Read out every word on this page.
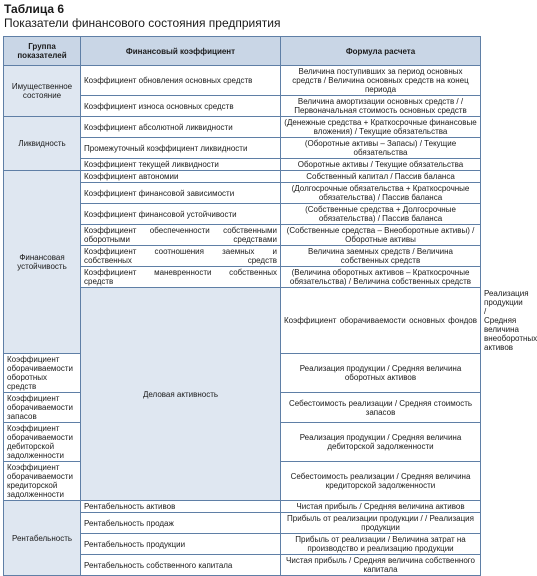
Таблица 6
Показатели финансового состояния предприятия
Группа показателей	Финансовый коэффициент	Формула расчета	
Имущественное состояние	Коэффициент обновления основных средств	Величина поступивших за период основных средств / Величина основных средств на конец периода	
	Коэффициент износа основных средств	Величина амортизации основных средств / / Первоначальная стоимость основных средств	
Ликвидность	Коэффициент абсолютной ликвидности	(Денежные средства + Краткосрочные финансовые вложения) / Текущие обязательства	
	Промежуточный коэффициент ликвидности	(Оборотные активы – Запасы) / Текущие обязательства	
	Коэффициент текущей ликвидности	Оборотные активы / Текущие обязательства	
Финансовая устойчивость	Коэффициент автономии	Собственный капитал / Пассив баланса	
	Коэффициент финансовой зависимости	(Долгосрочные обязательства + Краткосрочные обязательства) / Пассив баланса	
	Коэффициент финансовой устойчивости	(Собственные средства + Долгосрочные обязательства) / Пассив баланса	
	Коэффициент обеспеченности собственными оборотными средствами	(Собственные средства – Внеоборотные активы) / Оборотные активы	
	Коэффициент соотношения заемных и собственных средств	Величина заемных средств / Величина собственных средств	
	Коэффициент маневренности собственных средств	(Величина оборотных активов – Краткосрочные обязательства) / Величина собственных средств	
	Деловая активность	Коэффициент оборачиваемости основных фондов	Реализация продукции / Средняя величина внеоборотных активов
Коэффициент оборачиваемости оборотных средств		Реализация продукции / Средняя величина оборотных активов	
Коэффициент оборачиваемости запасов		Себестоимость реализации / Средняя стоимость запасов	
Коэффициент оборачиваемости дебиторской задолженности		Реализация продукции / Средняя величина дебиторской задолженности	
Коэффициент оборачиваемости кредиторской задолженности		Себестоимость реализации / Средняя величина кредиторской задолженности	
Рентабельность	Рентабельность активов	Чистая прибыль / Средняя величина активов	
	Рентабельность продаж	Прибыль от реализации продукции / / Реализация продукции	
	Рентабельность продукции	Прибыль от реализации / Величина затрат на производство и реализацию продукции	
	Рентабельность собственного капитала	Чистая прибыль / Средняя величина собственного капитала	
